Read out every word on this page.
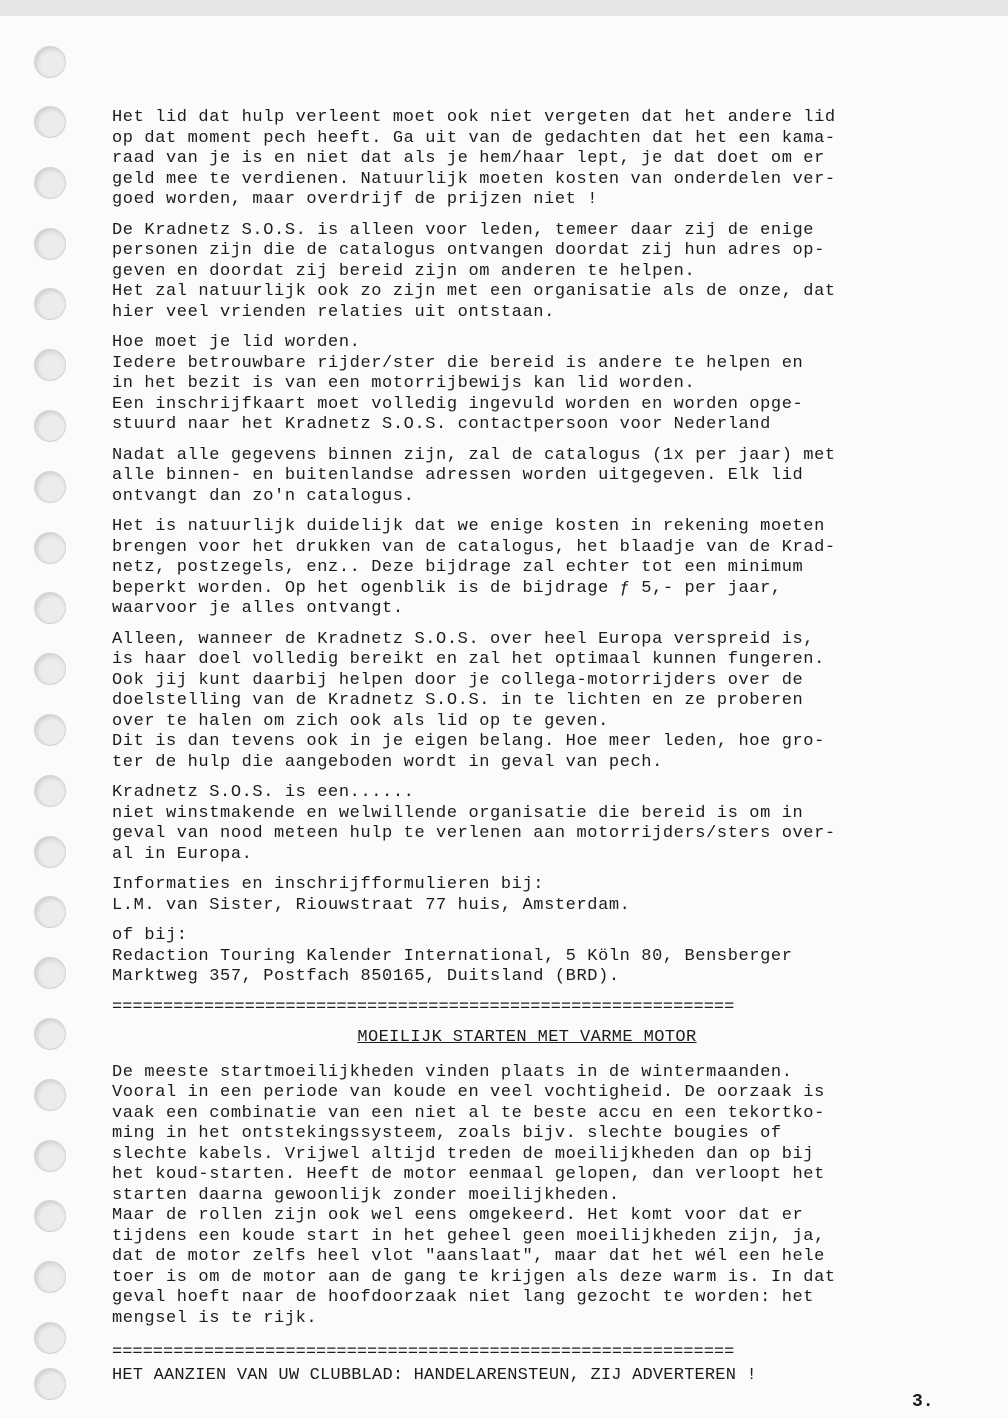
Het lid dat hulp verleent moet ook niet vergeten dat het andere lid
op dat moment pech heeft. Ga uit van de gedachten dat het een kama-
raad van je is en niet dat als je hem/haar lept, je dat doet om er
geld mee te verdienen. Natuurlijk moeten kosten van onderdelen ver-
goed worden, maar overdrijf de prijzen niet !

De Kradnetz S.O.S. is alleen voor leden, temeer daar zij de enige
personen zijn die de catalogus ontvangen doordat zij hun adres op-
geven en doordat zij bereid zijn om anderen te helpen.
Het zal natuurlijk ook zo zijn met een organisatie als de onze, dat
hier veel vrienden relaties uit ontstaan.

Hoe moet je lid worden.
Iedere betrouwbare rijder/ster die bereid is andere te helpen en
in het bezit is van een motorrijbewijs kan lid worden.
Een inschrijfkaart moet volledig ingevuld worden en worden opge-
stuurd naar het Kradnetz S.O.S. contactpersoon voor Nederland

Nadat alle gegevens binnen zijn, zal de catalogus (1x per jaar) met
alle binnen- en buitenlandse adressen worden uitgegeven. Elk lid
ontvangt dan zo'n catalogus.

Het is natuurlijk duidelijk dat we enige kosten in rekening moeten
brengen voor het drukken van de catalogus, het blaadje van de Krad-
netz, postzegels, enz.. Deze bijdrage zal echter tot een minimum
beperkt worden. Op het ogenblik is de bijdrage ƒ 5,- per jaar,
waarvoor je alles ontvangt.

Alleen, wanneer de Kradnetz S.O.S. over heel Europa verspreid is,
is haar doel volledig bereikt en zal het optimaal kunnen fungeren.
Ook jij kunt daarbij helpen door je collega-motorrijders over de
doelstelling van de Kradnetz S.O.S. in te lichten en ze proberen
over te halen om zich ook als lid op te geven.
Dit is dan tevens ook in je eigen belang. Hoe meer leden, hoe gro-
ter de hulp die aangeboden wordt in geval van pech.

Kradnetz S.O.S. is een......
niet winstmakende en welwillende organisatie die bereid is om in
geval van nood meteen hulp te verlenen aan motorrijders/sters over-
al in Europa.

Informaties en inschrijfformulieren bij:
L.M. van Sister, Riouwstraat 77 huis, Amsterdam.

of bij:
Redaction Touring Kalender International, 5 Köln 80, Bensberger
Marktweg 357, Postfach 850165, Duitsland (BRD).

=============================================================
MOEILIJK STARTEN MET VARME MOTOR

De meeste startmoeilijkheden vinden plaats in de wintermaanden.
Vooral in een periode van koude en veel vochtigheid. De oorzaak is
vaak een combinatie van een niet al te beste accu en een tekortko-
ming in het ontstekingssysteem, zoals bijv. slechte bougies of
slechte kabels. Vrijwel altijd treden de moeilijkheden dan op bij
het koud-starten. Heeft de motor eenmaal gelopen, dan verloopt het
starten daarna gewoonlijk zonder moeilijkheden.
Maar de rollen zijn ook wel eens omgekeerd. Het komt voor dat er
tijdens een koude start in het geheel geen moeilijkheden zijn, ja,
dat de motor zelfs heel vlot "aanslaat", maar dat het wél een hele
toer is om de motor aan de gang te krijgen als deze warm is. In dat
geval hoeft naar de hoofdoorzaak niet lang gezocht te worden: het
mengsel is te rijk.

=============================================================
HET AANZIEN VAN UW CLUBBLAD: HANDELARENSTEUN, ZIJ ADVERTEREN !
3.
